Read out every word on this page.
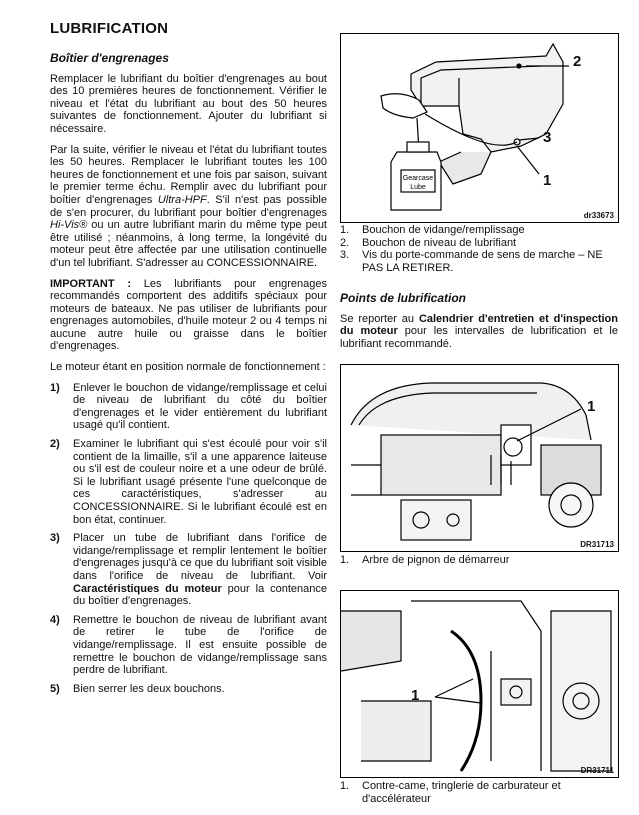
LUBRIFICATION
Boîtier d'engrenages

Remplacer le lubrifiant du boîtier d'engrenages au bout des 10 premières heures de fonctionnement. Vérifier le niveau et l'état du lubrifiant au bout des 50 heures suivantes de fonctionnement. Ajouter du lubrifiant si nécessaire.

Par la suite, vérifier le niveau et l'état du lubrifiant toutes les 50 heures. Remplacer le lubrifiant toutes les 100 heures de fonctionnement et une fois par saison, suivant le premier terme échu. Remplir avec du lubrifiant pour boîtier d'engrenages Ultra-HPF. S'il n'est pas possible de s'en procurer, du lubrifiant pour boîtier d'engrenages Hi-Vis® ou un autre lubrifiant marin du même type peut être utilisé ; néanmoins, à long terme, la longévité du moteur peut être affectée par une utilisation continuelle d'un tel lubrifiant. S'adresser au CONCESSIONNAIRE.

IMPORTANT : Les lubrifiants pour engrenages recommandés comportent des additifs spéciaux pour moteurs de bateaux. Ne pas utiliser de lubrifiants pour engrenages automobiles, d'huile moteur 2 ou 4 temps ni aucune autre huile ou graisse dans le boîtier d'engrenages.

Le moteur étant en position normale de fonctionnement :

1)	Enlever le bouchon de vidange/remplissage et celui de niveau de lubrifiant du côté du boîtier d'engrenages et le vider entièrement du lubrifiant usagé qu'il contient.
2)	Examiner le lubrifiant qui s'est écoulé pour voir s'il contient de la limaille, s'il a une apparence laiteuse ou s'il est de couleur noire et a une odeur de brûlé. Si le lubrifiant usagé présente l'une quelconque de ces caractéristiques, s'adresser au CONCESSIONNAIRE. Si le lubrifiant écoulé est en bon état, continuer.
3)	Placer un tube de lubrifiant dans l'orifice de vidange/remplissage et remplir lentement le boîtier d'engrenages jusqu'à ce que du lubrifiant soit visible dans l'orifice de niveau de lubrifiant. Voir Caractéristiques du moteur pour la contenance du boîtier d'engrenages.
4)	Remettre le bouchon de niveau de lubrifiant avant de retirer le tube de l'orifice de vidange/remplissage. Il est ensuite possible de remettre le bouchon de vidange/remplissage sans perdre de lubrifiant.
5)	Bien serrer les deux bouchons.
Gearcase
Lube
2
3
1
dr33673
1.	Bouchon de vidange/remplissage
2.	Bouchon de niveau de lubrifiant
3.	Vis du porte-commande de sens de marche – NE PAS LA RETIRER.
Points de lubrification

Se reporter au Calendrier d'entretien et d'inspection du moteur pour les intervalles de lubrification et le lubrifiant recommandé.

1
DR31713
1.	Arbre de pignon de démarreur
1
DR31711
1.	Contre-came, tringlerie de carburateur et d'accélérateur
